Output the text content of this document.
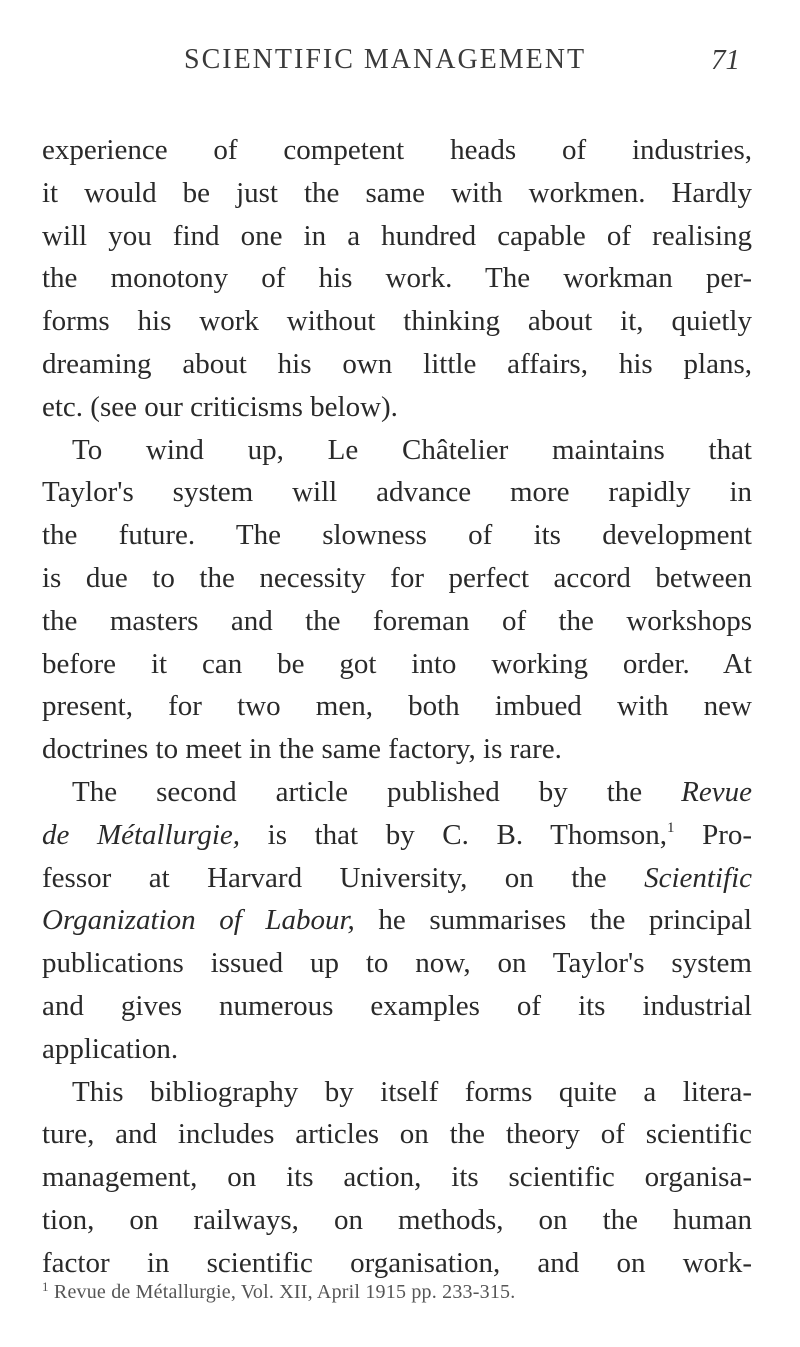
SCIENTIFIC MANAGEMENT	71
experience of competent heads of industries,
it would be just the same with workmen. Hardly
will you find one in a hundred capable of realising
the monotony of his work. The workman per-
forms his work without thinking about it, quietly
dreaming about his own little affairs, his plans,
etc. (see our criticisms below).
To wind up, Le Châtelier maintains that
Taylor's system will advance more rapidly in
the future. The slowness of its development
is due to the necessity for perfect accord between
the masters and the foreman of the workshops
before it can be got into working order. At
present, for two men, both imbued with new
doctrines to meet in the same factory, is rare.
The second article published by the Revue
de Métallurgie, is that by C. B. Thomson,$^1$ Pro-
fessor at Harvard University, on the Scientific
Organization of Labour, he summarises the principal
publications issued up to now, on Taylor's system
and gives numerous examples of its industrial
application.
This bibliography by itself forms quite a litera-
ture, and includes articles on the theory of scientific
management, on its action, its scientific organisa-
tion, on railways, on methods, on the human
factor in scientific organisation, and on work-
$^1$ Revue de Métallurgie, Vol. XII, April 1915 pp. 233-315.
